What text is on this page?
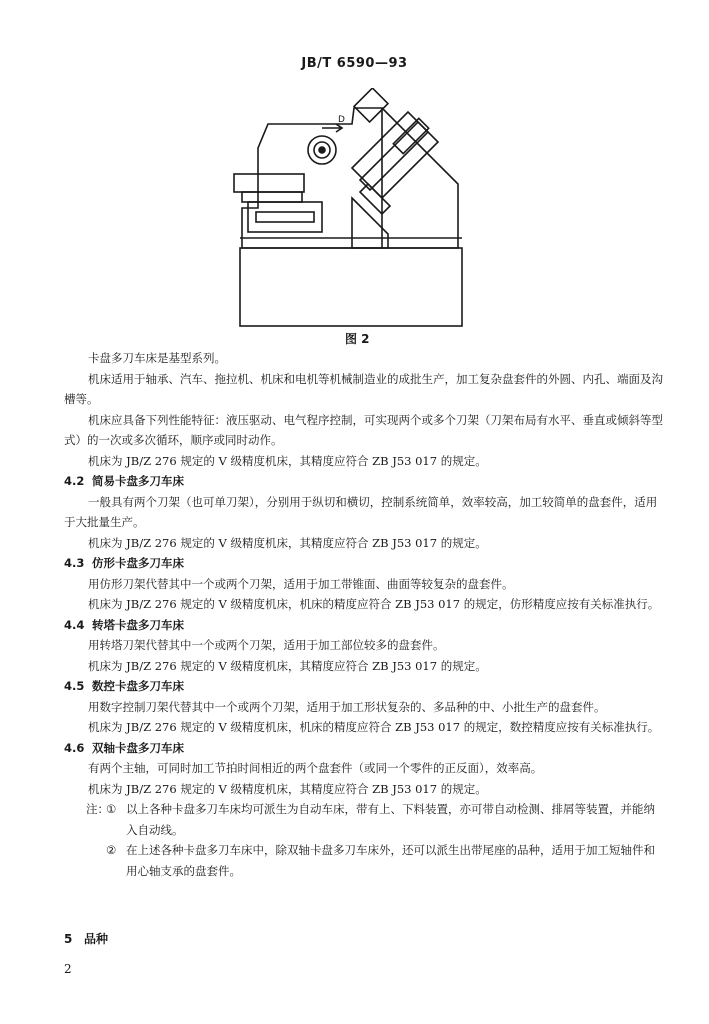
JB/T 6590—93
D
图 2

卡盘多刀车床是基型系列。

机床适用于轴承、汽车、拖拉机、机床和电机等机械制造业的成批生产，加工复杂盘套件的外圆、内孔、端面及沟槽等。

机床应具备下列性能特征：液压驱动、电气程序控制，可实现两个或多个刀架（刀架布局有水平、垂直或倾斜等型式）的一次或多次循环，顺序或同时动作。

机床为 JB/Z 276 规定的 V 级精度机床，其精度应符合 ZB J53 017 的规定。

4.2 简易卡盘多刀车床

一般具有两个刀架（也可单刀架），分别用于纵切和横切，控制系统简单，效率较高，加工较简单的盘套件，适用于大批量生产。

机床为 JB/Z 276 规定的 V 级精度机床，其精度应符合 ZB J53 017 的规定。

4.3 仿形卡盘多刀车床

用仿形刀架代替其中一个或两个刀架，适用于加工带锥面、曲面等较复杂的盘套件。

机床为 JB/Z 276 规定的 V 级精度机床，机床的精度应符合 ZB J53 017 的规定，仿形精度应按有关标准执行。

4.4 转塔卡盘多刀车床

用转塔刀架代替其中一个或两个刀架，适用于加工部位较多的盘套件。

机床为 JB/Z 276 规定的 V 级精度机床，其精度应符合 ZB J53 017 的规定。

4.5 数控卡盘多刀车床

用数字控制刀架代替其中一个或两个刀架，适用于加工形状复杂的、多品种的中、小批生产的盘套件。

机床为 JB/Z 276 规定的 V 级精度机床，机床的精度应符合 ZB J53 017 的规定，数控精度应按有关标准执行。

4.6 双轴卡盘多刀车床

有两个主轴，可同时加工节拍时间相近的两个盘套件（或同一个零件的正反面），效率高。

机床为 JB/Z 276 规定的 V 级精度机床，其精度应符合 ZB J53 017 的规定。

注：
① 以上各种卡盘多刀车床均可派生为自动车床，带有上、下料装置，亦可带自动检测、排屑等装置，并能纳入自动线。

② 在上述各种卡盘多刀车床中，除双轴卡盘多刀车床外，还可以派生出带尾座的品种，适用于加工短轴件和用心轴支承的盘套件。

5 品种
2
